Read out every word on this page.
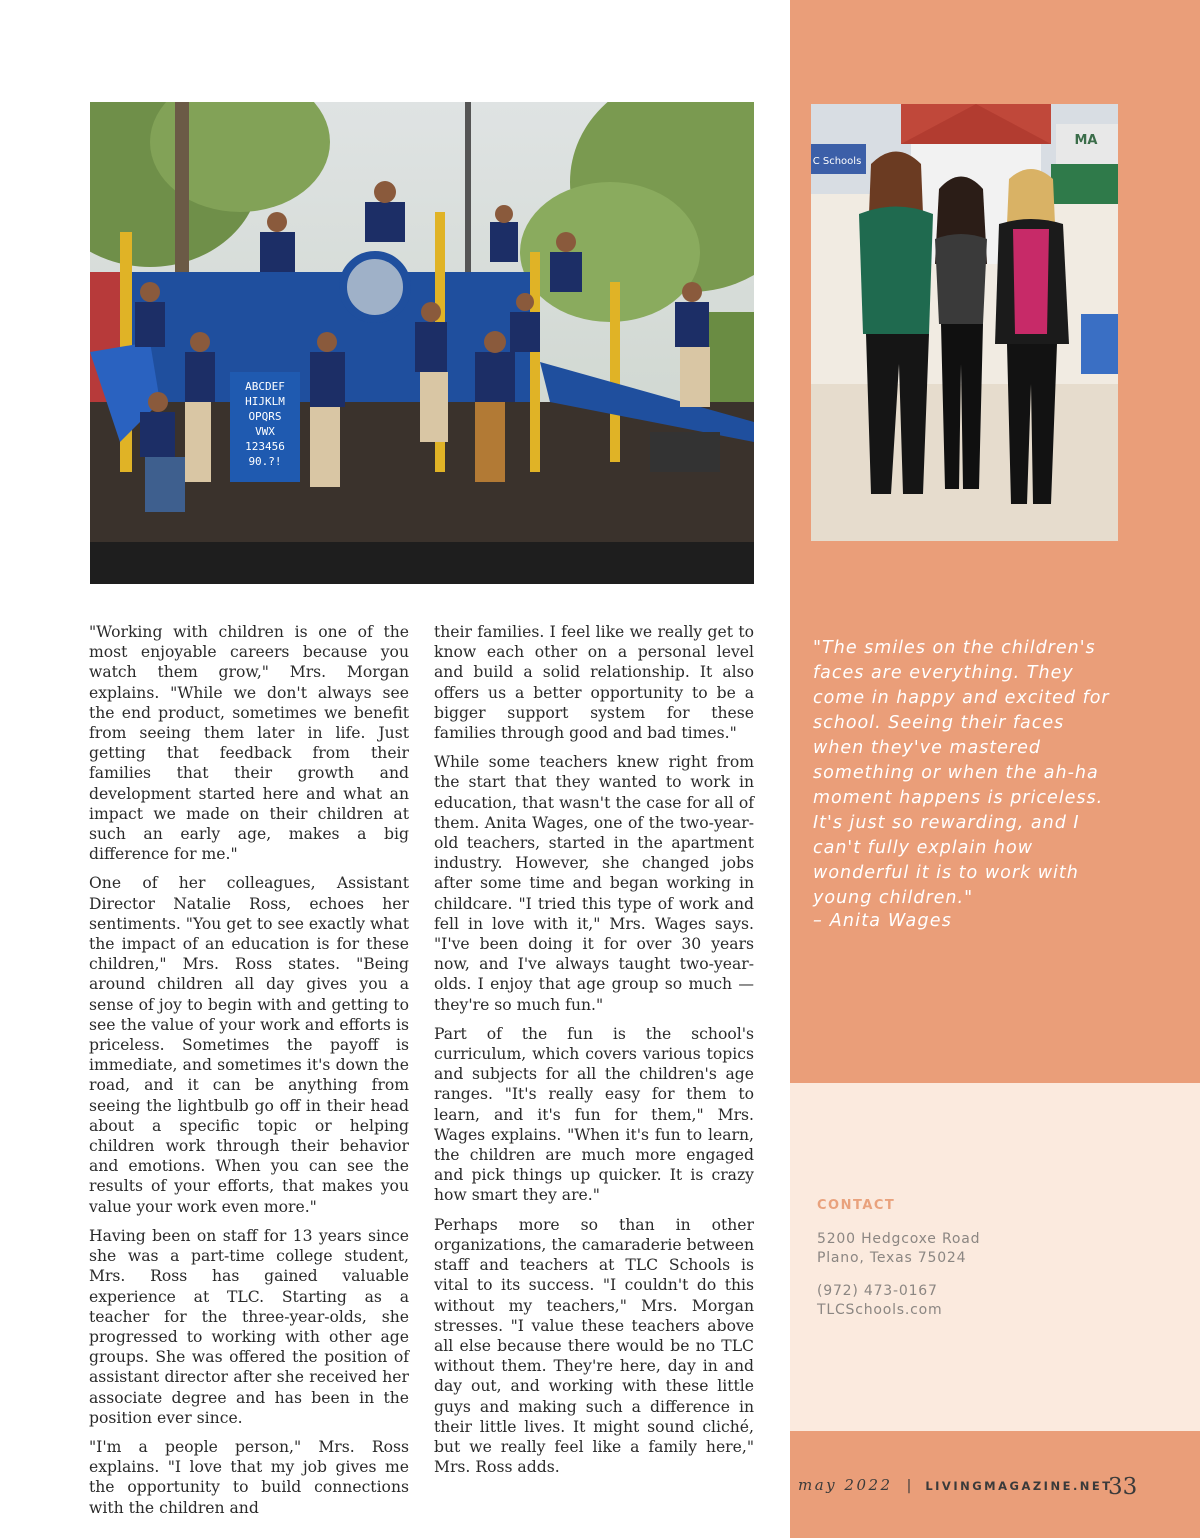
ABCDEF
HIJKLM
OPQRS
VWX
123456
90.?!
MA
C Schools

"Working with children is one of the most enjoyable careers because you watch them grow," Mrs. Morgan explains. "While we don't always see the end product, sometimes we benefit from seeing them later in life. Just getting that feedback from their families that their growth and development started here and what an impact we made on their children at such an early age, makes a big difference for me."

One of her colleagues, Assistant Director Natalie Ross, echoes her sentiments. "You get to see exactly what the impact of an education is for these children," Mrs. Ross states. "Being around children all day gives you a sense of joy to begin with and getting to see the value of your work and efforts is priceless. Sometimes the payoff is immediate, and sometimes it's down the road, and it can be anything from seeing the lightbulb go off in their head about a specific topic or helping children work through their behavior and emotions. When you can see the results of your efforts, that makes you value your work even more."

Having been on staff for 13 years since she was a part-time college student, Mrs. Ross has gained valuable experience at TLC. Starting as a teacher for the three-year-olds, she progressed to working with other age groups. She was offered the position of assistant director after she received her associate degree and has been in the position ever since.

"I'm a people person," Mrs. Ross explains. "I love that my job gives me the opportunity to build connections with the children and

their families. I feel like we really get to know each other on a personal level and build a solid relationship. It also offers us a better opportunity to be a bigger support system for these families through good and bad times."

While some teachers knew right from the start that they wanted to work in education, that wasn't the case for all of them. Anita Wages, one of the two-year-old teachers, started in the apartment industry. However, she changed jobs after some time and began working in childcare. "I tried this type of work and fell in love with it," Mrs. Wages says. "I've been doing it for over 30 years now, and I've always taught two-year-olds. I enjoy that age group so much — they're so much fun."

Part of the fun is the school's curriculum, which covers various topics and subjects for all the children's age ranges. "It's really easy for them to learn, and it's fun for them," Mrs. Wages explains. "When it's fun to learn, the children are much more engaged and pick things up quicker. It is crazy how smart they are."

Perhaps more so than in other organizations, the camaraderie between staff and teachers at TLC Schools is vital to its success. "I couldn't do this without my teachers," Mrs. Morgan stresses. "I value these teachers above all else because there would be no TLC without them. They're here, day in and day out, and working with these little guys and making such a difference in their little lives. It might sound cliché, but we really feel like a family here," Mrs. Ross adds.

"The smiles on the children's faces are everything. They come in happy and excited for school. Seeing their faces when they've mastered something or when the ah-ha moment happens is priceless. It's just so rewarding, and I can't fully explain how wonderful it is to work with young children."
– Anita Wages
CONTACT
5200 Hedgcoxe Road
Plano, Texas 75024
(972) 473-0167
TLCSchools.com
may 2022 | LIVINGMAGAZINE.NET
33
